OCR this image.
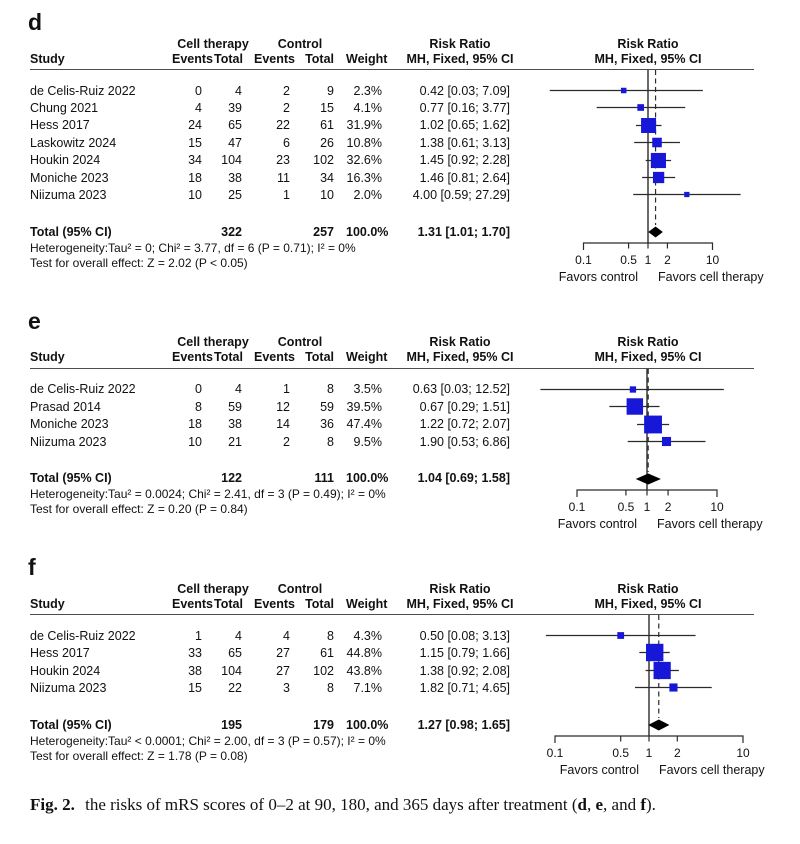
d
Cell therapy	Control	Risk Ratio	Risk Ratio
Study	Events Total Events Total Weight	MH, Fixed, 95% CI	MH, Fixed, 95% CI
de Celis-Ruiz 2022	0	4	2	9	2.3%	0.42 [0.03; 7.09]
Chung 2021	4	39	2	15	4.1%	0.77 [0.16; 3.77]
Hess 2017	24	65	22	61	31.9%	1.02 [0.65; 1.62]
Laskowitz 2024	15	47	6	26	10.8%	1.38 [0.61; 3.13]
Houkin 2024	34	104	23	102	32.6%	1.45 [0.92; 2.28]
Moniche 2023	18	38	11	34	16.3%	1.46 [0.81; 2.64]
Niizuma 2023	10	25	1	10	2.0%	4.00 [0.59; 27.29]
Total (95% CI)	322	257 100.0%	1.31 [1.01; 1.70]
Heterogeneity:Tau² = 0; Chi² = 3.77, df = 6 (P = 0.71); I² = 0%
Test for overall effect: Z = 2.02 (P < 0.05)	0.1 0.5 1 2	10
Favors control Favors cell therapy
e
Cell therapy	Control	Risk Ratio	Risk Ratio
Study	Events Total Events Total Weight	MH, Fixed, 95% CI	MH, Fixed, 95% CI
de Celis-Ruiz 2022	0	4	1	8	3.5%	0.63 [0.03; 12.52]
Prasad 2014	8	59	12	59	39.5%	0.67 [0.29; 1.51]
Moniche 2023	18	38	14	36	47.4%	1.22 [0.72; 2.07]
Niizuma 2023	10	21	2	8	9.5%	1.90 [0.53; 6.86]
Total (95% CI)	122	111 100.0%	1.04 [0.69; 1.58]
Heterogeneity:Tau² = 0.0024; Chi² = 2.41, df = 3 (P = 0.49); I² = 0%
Test for overall effect: Z = 0.20 (P = 0.84)	0.1	0.5 1 2	10
Favors control Favors cell therapy
f
Cell therapy	Control	Risk Ratio	Risk Ratio
Study	Events Total Events Total Weight	MH, Fixed, 95% CI	MH, Fixed, 95% CI
de Celis-Ruiz 2022	1	4	4	8	4.3%	0.50 [0.08; 3.13]
Hess 2017	33	65	27	61	44.8%	1.15 [0.79; 1.66]
Houkin 2024	38	104	27	102	43.8%	1.38 [0.92; 2.08]
Niizuma 2023	15	22	3	8	7.1%	1.82 [0.71; 4.65]
Total (95% CI)	195	179 100.0%	1.27 [0.98; 1.65]
Heterogeneity:Tau² < 0.0001; Chi² = 2.00, df = 3 (P = 0.57); I² = 0%
Test for overall effect: Z = 1.78 (P = 0.08)	0.1	0.5 1 2	10
Favors control Favors cell therapy

Fig. 2. the risks of mRS scores of 0–2 at 90, 180, and 365 days after treatment (d, e, and f).
